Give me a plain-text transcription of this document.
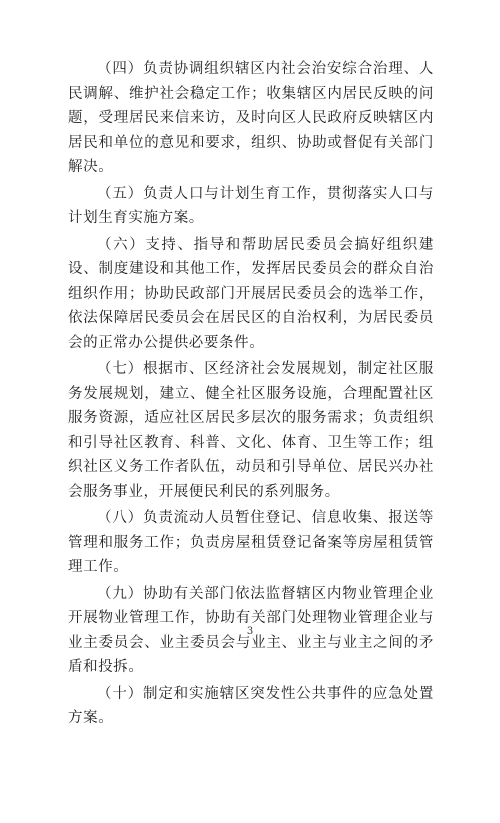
（四）负责协调组织辖区内社会治安综合治理、人民调解、维护社会稳定工作；收集辖区内居民反映的问题，受理居民来信来访，及时向区人民政府反映辖区内居民和单位的意见和要求，组织、协助或督促有关部门解决。

（五）负责人口与计划生育工作，贯彻落实人口与计划生育实施方案。

（六）支持、指导和帮助居民委员会搞好组织建设、制度建设和其他工作，发挥居民委员会的群众自治组织作用；协助民政部门开展居民委员会的选举工作，依法保障居民委员会在居民区的自治权利，为居民委员会的正常办公提供必要条件。

（七）根据市、区经济社会发展规划，制定社区服务发展规划，建立、健全社区服务设施，合理配置社区服务资源，适应社区居民多层次的服务需求；负责组织和引导社区教育、科普、文化、体育、卫生等工作；组织社区义务工作者队伍，动员和引导单位、居民兴办社会服务事业，开展便民利民的系列服务。

（八）负责流动人员暂住登记、信息收集、报送等管理和服务工作；负责房屋租赁登记备案等房屋租赁管理工作。

（九）协助有关部门依法监督辖区内物业管理企业开展物业管理工作，协助有关部门处理物业管理企业与业主委员会、业主委员会与业主、业主与业主之间的矛盾和投拆。

（十）制定和实施辖区突发性公共事件的应急处置方案。

3
